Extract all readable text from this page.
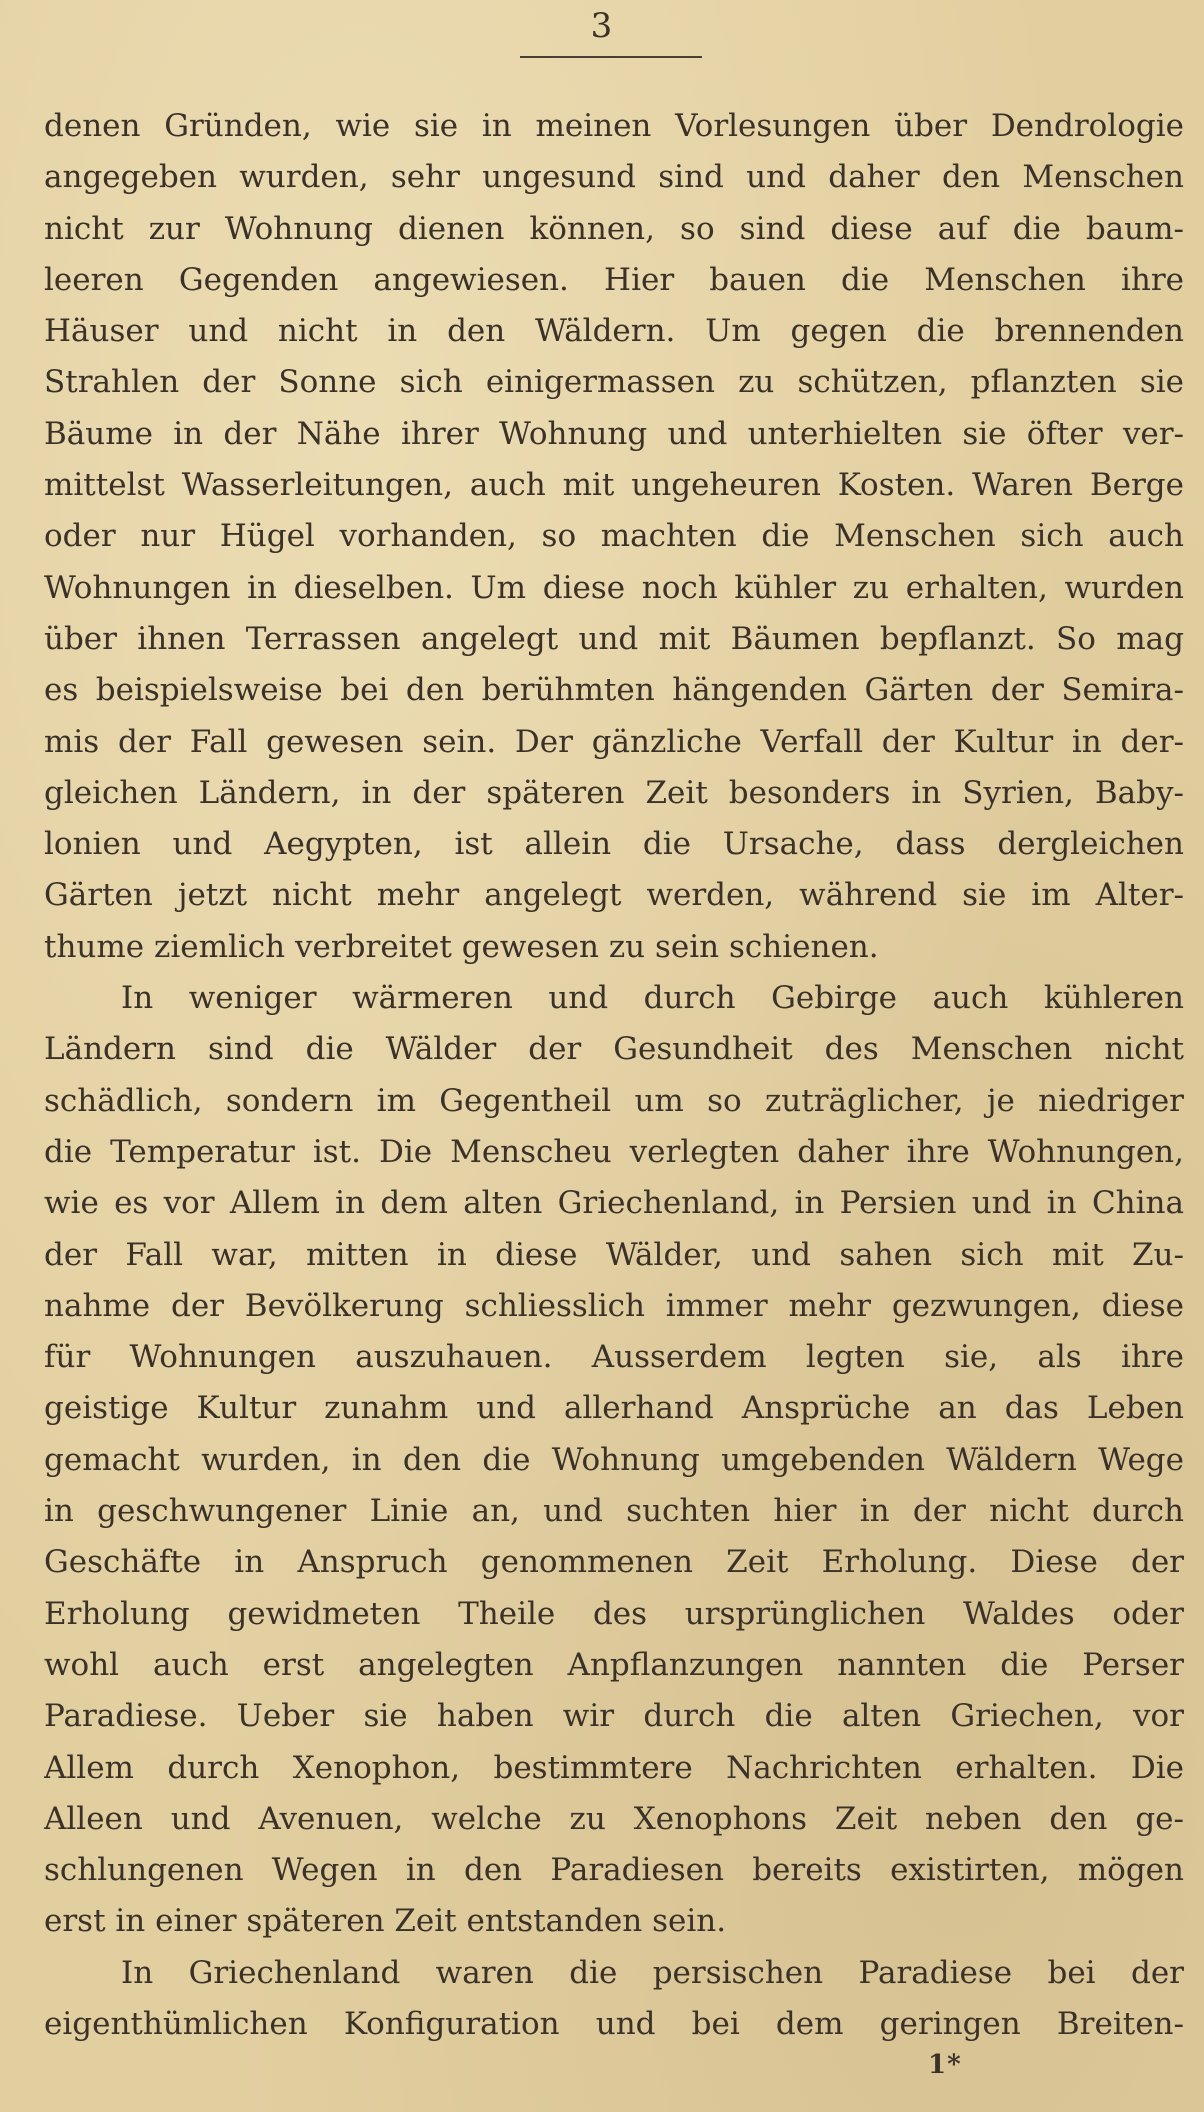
3
denen Gründen, wie sie in meinen Vorlesungen über Dendrologie
angegeben wurden, sehr ungesund sind und daher den Menschen
nicht zur Wohnung dienen können, so sind diese auf die baum-
leeren Gegenden angewiesen. Hier bauen die Menschen ihre
Häuser und nicht in den Wäldern. Um gegen die brennenden
Strahlen der Sonne sich einigermassen zu schützen, pflanzten sie
Bäume in der Nähe ihrer Wohnung und unterhielten sie öfter ver-
mittelst Wasserleitungen, auch mit ungeheuren Kosten. Waren Berge
oder nur Hügel vorhanden, so machten die Menschen sich auch
Wohnungen in dieselben. Um diese noch kühler zu erhalten, wurden
über ihnen Terrassen angelegt und mit Bäumen bepflanzt. So mag
es beispielsweise bei den berühmten hängenden Gärten der Semira-
mis der Fall gewesen sein. Der gänzliche Verfall der Kultur in der-
gleichen Ländern, in der späteren Zeit besonders in Syrien, Baby-
lonien und Aegypten, ist allein die Ursache, dass dergleichen
Gärten jetzt nicht mehr angelegt werden, während sie im Alter-
thume ziemlich verbreitet gewesen zu sein schienen.
In weniger wärmeren und durch Gebirge auch kühleren
Ländern sind die Wälder der Gesundheit des Menschen nicht
schädlich, sondern im Gegentheil um so zuträglicher, je niedriger
die Temperatur ist. Die Menscheu verlegten daher ihre Wohnungen,
wie es vor Allem in dem alten Griechenland, in Persien und in China
der Fall war, mitten in diese Wälder, und sahen sich mit Zu-
nahme der Bevölkerung schliesslich immer mehr gezwungen, diese
für Wohnungen auszuhauen. Ausserdem legten sie, als ihre
geistige Kultur zunahm und allerhand Ansprüche an das Leben
gemacht wurden, in den die Wohnung umgebenden Wäldern Wege
in geschwungener Linie an, und suchten hier in der nicht durch
Geschäfte in Anspruch genommenen Zeit Erholung. Diese der
Erholung gewidmeten Theile des ursprünglichen Waldes oder
wohl auch erst angelegten Anpflanzungen nannten die Perser
Paradiese. Ueber sie haben wir durch die alten Griechen, vor
Allem durch Xenophon, bestimmtere Nachrichten erhalten. Die
Alleen und Avenuen, welche zu Xenophons Zeit neben den ge-
schlungenen Wegen in den Paradiesen bereits existirten, mögen
erst in einer späteren Zeit entstanden sein.
In Griechenland waren die persischen Paradiese bei der
eigenthümlichen Konfiguration und bei dem geringen Breiten-
1*
